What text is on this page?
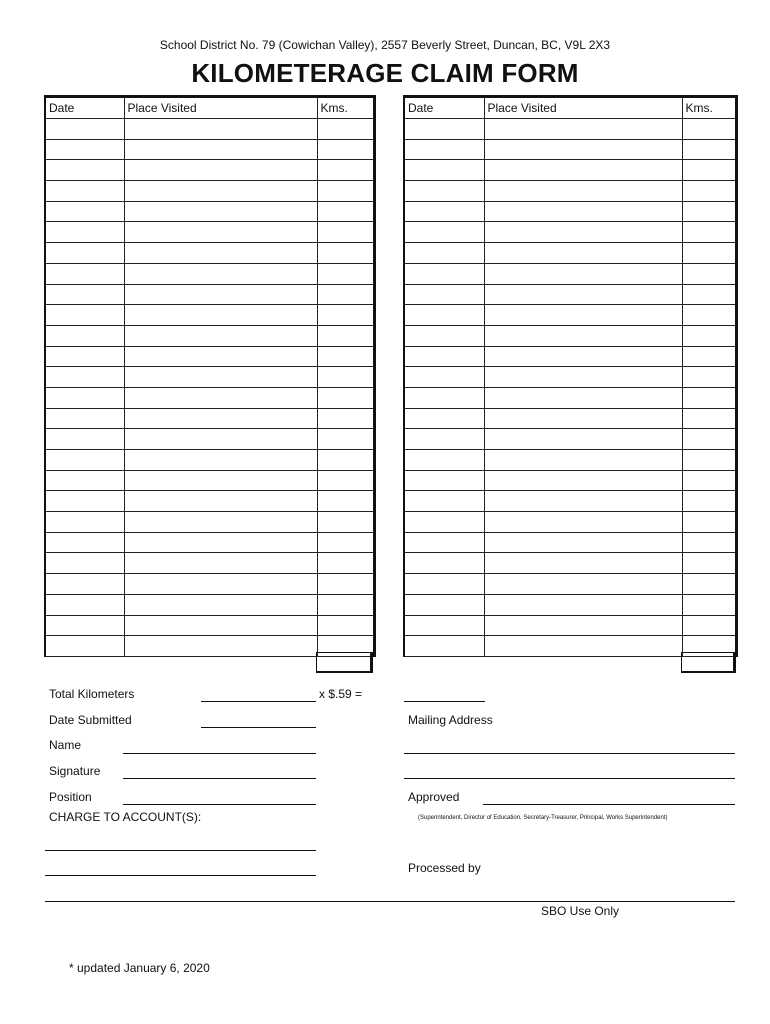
School District No. 79 (Cowichan Valley), 2557 Beverly Street, Duncan, BC, V9L 2X3
KILOMETERAGE CLAIM FORM
Date	Place Visited	Kms.

			Date	Place Visited	Kms.

Total Kilometers	x $.59 =
Date Submitted	Mailing Address
Name
Signature
Position	Approved
CHARGE TO ACCOUNT(S):	(Superintendent, Director of Education, Secretary-Treasurer, Principal, Works Superintendent)
Processed by
SBO Use Only
* updated January 6, 2020
